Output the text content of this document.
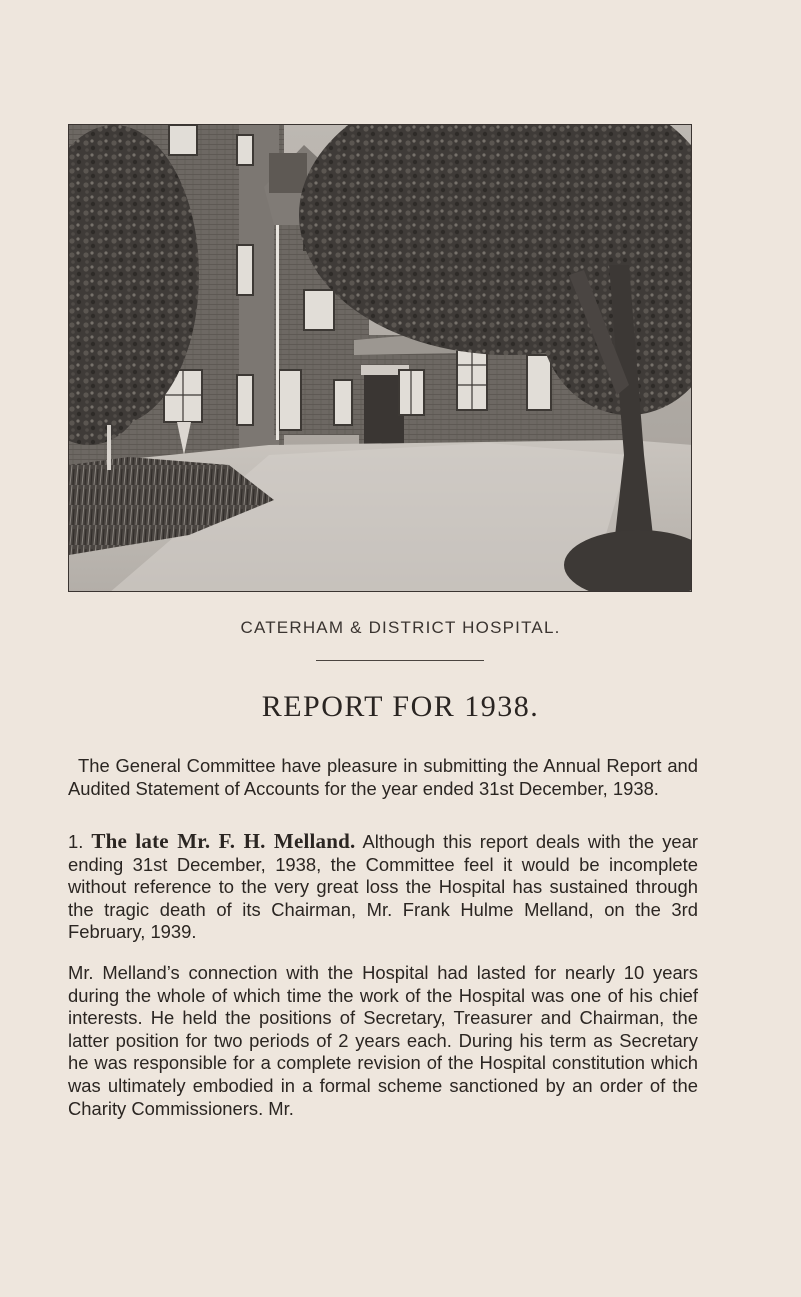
CATERHAM & DISTRICT HOSPITAL.
REPORT FOR 1938.

The General Committee have pleasure in submitting the Annual Report and Audited Statement of Accounts for the year ended 31st December, 1938.

1. The late Mr. F. H. Melland. Although this report deals with the year ending 31st December, 1938, the Committee feel it would be incomplete without reference to the very great loss the Hospital has sustained through the tragic death of its Chairman, Mr. Frank Hulme Melland, on the 3rd February, 1939.

Mr. Melland’s connection with the Hospital had lasted for nearly 10 years during the whole of which time the work of the Hospital was one of his chief interests. He held the positions of Secretary, Treasurer and Chairman, the latter position for two periods of 2 years each. During his term as Secretary he was responsible for a complete revision of the Hospital constitution which was ultimately embodied in a formal scheme sanctioned by an order of the Charity Commissioners. Mr.
